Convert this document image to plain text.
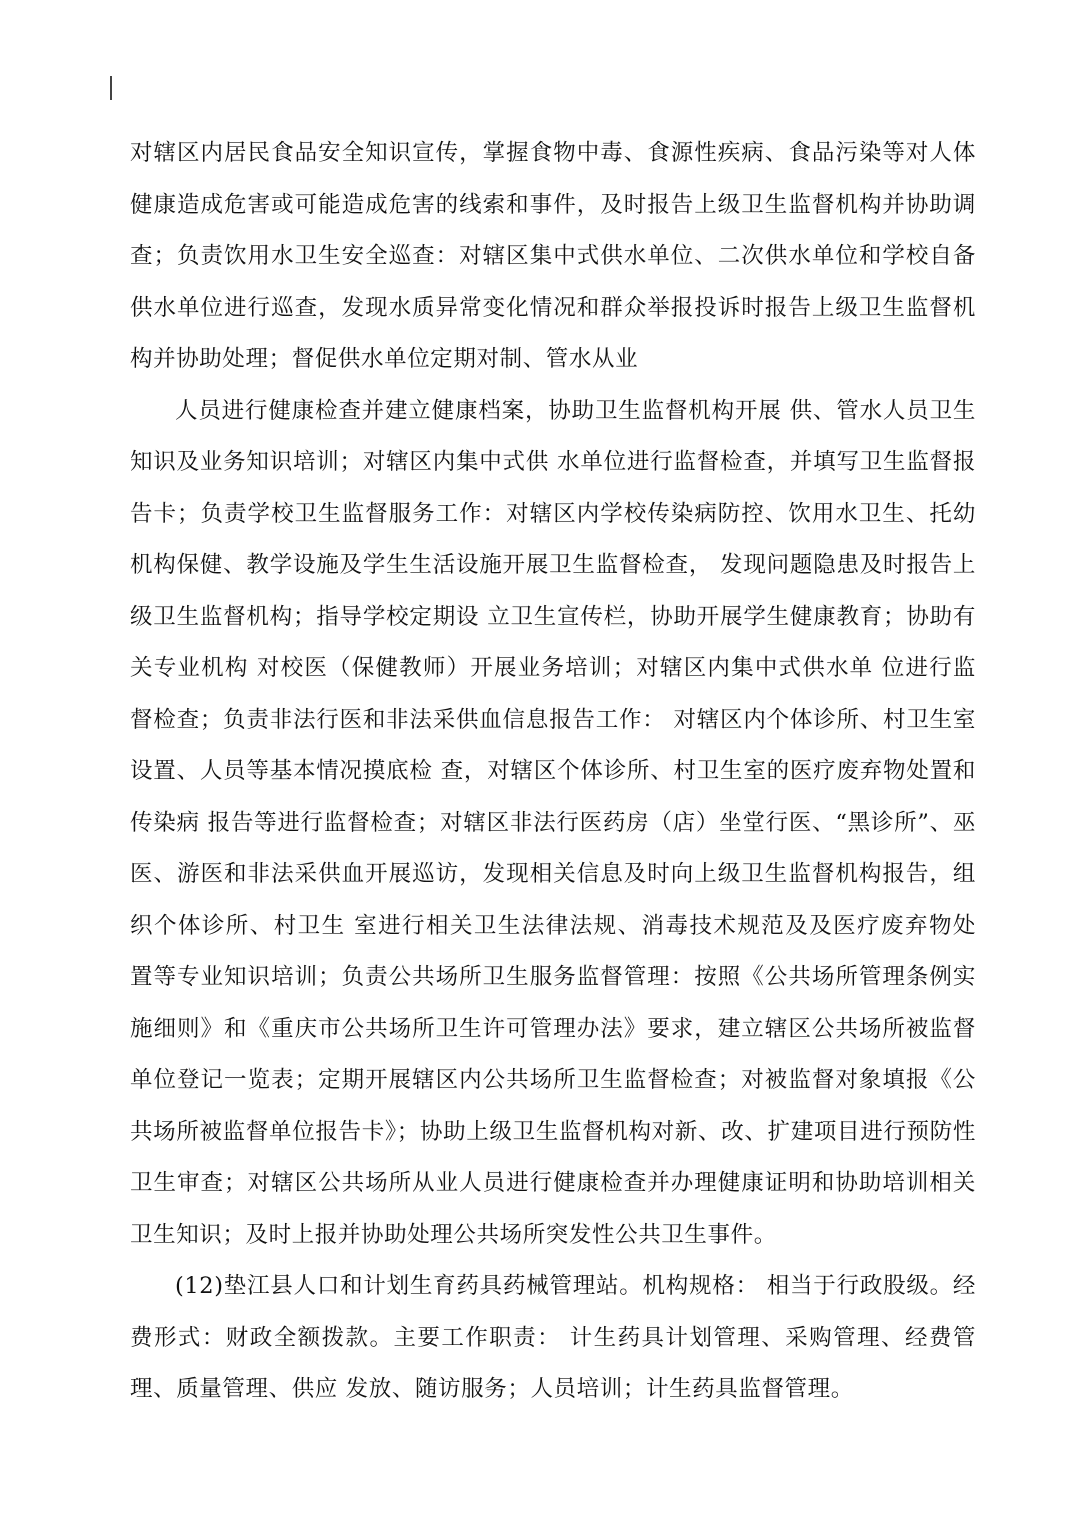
对辖区内居民食品安全知识宣传，掌握食物中毒、食源性疾病、食品污染等对人体健康造成危害或可能造成危害的线索和事件，及时报告上级卫生监督机构并协助调查；负责饮用水卫生安全巡查：对辖区集中式供水单位、二次供水单位和学校自备供水单位进行巡查，发现水质异常变化情况和群众举报投诉时报告上级卫生监督机构并协助处理；督促供水单位定期对制、管水从业

人员进行健康检查并建立健康档案，协助卫生监督机构开展 供、管水人员卫生知识及业务知识培训；对辖区内集中式供 水单位进行监督检查，并填写卫生监督报告卡；负责学校卫生监督服务工作：对辖区内学校传染病防控、饮用水卫生、托幼机构保健、教学设施及学生生活设施开展卫生监督检查， 发现问题隐患及时报告上级卫生监督机构；指导学校定期设 立卫生宣传栏，协助开展学生健康教育；协助有关专业机构 对校医（保健教师）开展业务培训；对辖区内集中式供水单 位进行监督检查；负责非法行医和非法采供血信息报告工作： 对辖区内个体诊所、村卫生室设置、人员等基本情况摸底检 查，对辖区个体诊所、村卫生室的医疗废弃物处置和传染病 报告等进行监督检查；对辖区非法行医药房（店）坐堂行医、“黑诊所”、巫医、游医和非法采供血开展巡访，发现相关信息及时向上级卫生监督机构报告，组织个体诊所、村卫生 室进行相关卫生法律法规、消毒技术规范及及医疗废弃物处 置等专业知识培训；负责公共场所卫生服务监督管理：按照《公共场所管理条例实施细则》和《重庆市公共场所卫生许可管理办法》要求，建立辖区公共场所被监督单位登记一览表；定期开展辖区内公共场所卫生监督检查；对被监督对象填报《公共场所被监督单位报告卡》；协助上级卫生监督机构对新、改、扩建项目进行预防性卫生审查；对辖区公共场所从业人员进行健康检查并办理健康证明和协助培训相关卫生知识；及时上报并协助处理公共场所突发性公共卫生事件。

(12)垫江县人口和计划生育药具药械管理站。机构规格： 相当于行政股级。经费形式：财政全额拨款。主要工作职责： 计生药具计划管理、采购管理、经费管理、质量管理、供应 发放、随访服务；人员培训；计生药具监督管理。
